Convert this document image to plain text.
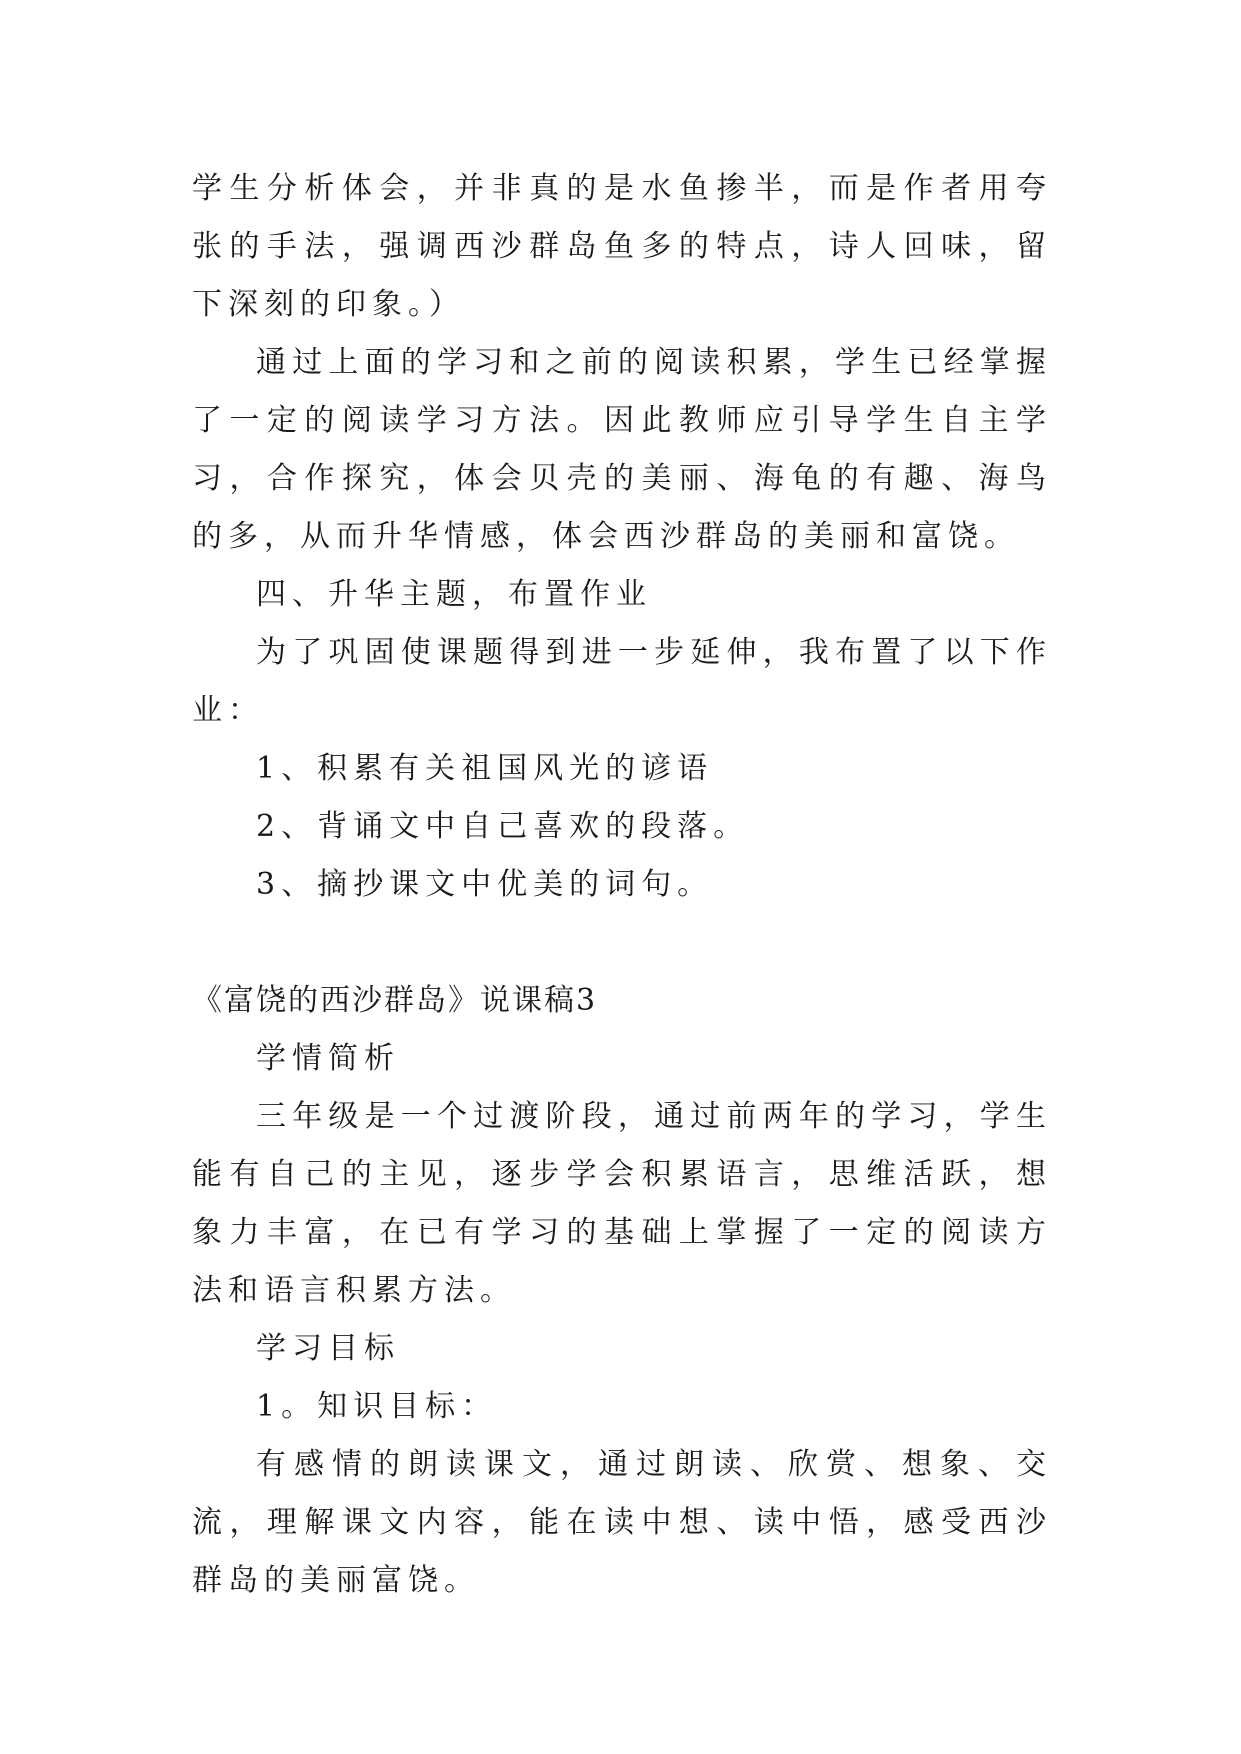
学生分析体会，并非真的是水鱼掺半，而是作者用夸张的手法，强调西沙群岛鱼多的特点，诗人回味，留下深刻的印象。）

通过上面的学习和之前的阅读积累，学生已经掌握了一定的阅读学习方法。因此教师应引导学生自主学习，合作探究，体会贝壳的美丽、海龟的有趣、海鸟的多，从而升华情感，体会西沙群岛的美丽和富饶。

四、升华主题，布置作业

为了巩固使课题得到进一步延伸，我布置了以下作业：

1、积累有关祖国风光的谚语

2、背诵文中自己喜欢的段落。

3、摘抄课文中优美的词句。

《富饶的西沙群岛》说课稿3

学情简析

三年级是一个过渡阶段，通过前两年的学习，学生能有自己的主见，逐步学会积累语言，思维活跃，想象力丰富，在已有学习的基础上掌握了一定的阅读方法和语言积累方法。

学习目标

1。知识目标：

有感情的朗读课文，通过朗读、欣赏、想象、交流，理解课文内容，能在读中想、读中悟，感受西沙群岛的美丽富饶。
